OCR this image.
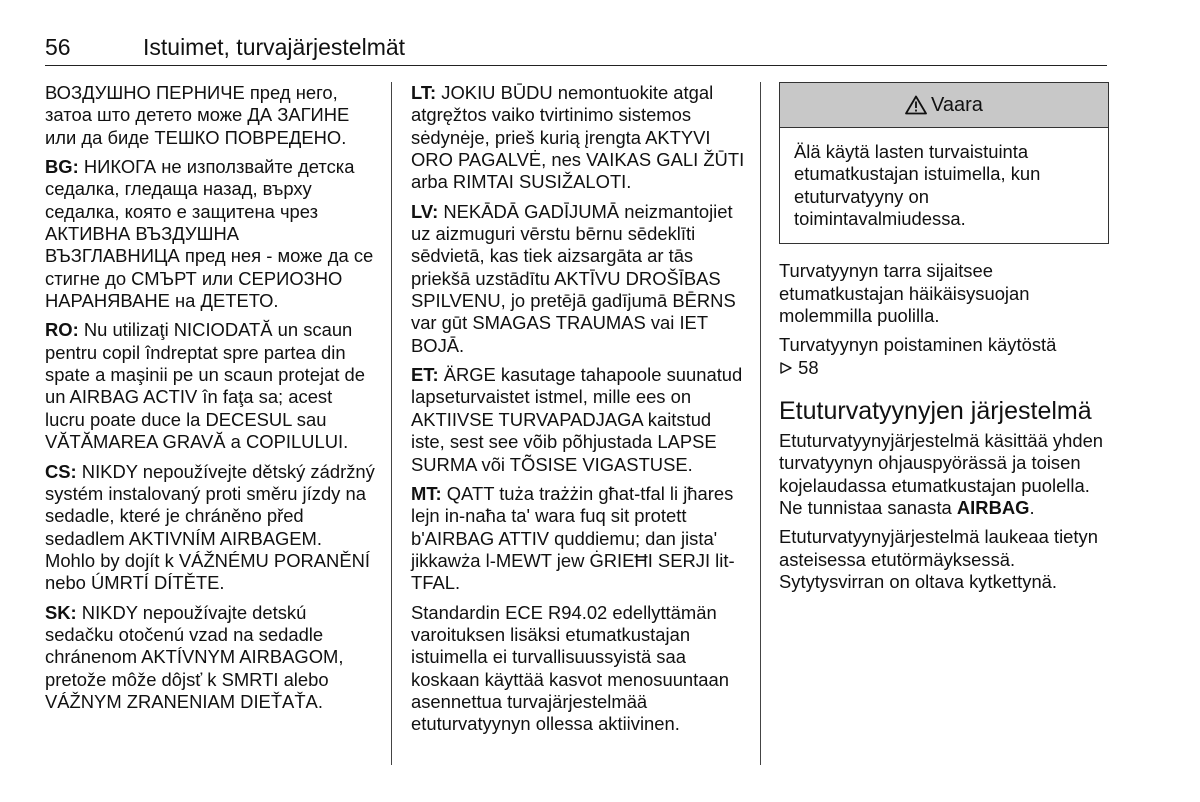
56	Istuimet, turvajärjestelmät

ВОЗДУШНО ПЕРНИЧЕ пред него, затоа што детето може ДА ЗАГИНЕ или да биде ТЕШКО ПОВРЕДЕНО.

BG: НИКОГА не използвайте детска седалка, гледаща назад, върху седалка, която е защитена чрез АКТИВНА ВЪЗДУШНА ВЪЗГЛАВНИЦА пред нея - може да се стигне до СМЪРТ или СЕРИОЗНО НАРАНЯВАНЕ на ДЕТЕТО.

RO: Nu utilizaţi NICIODATĂ un scaun pentru copil îndreptat spre partea din spate a maşinii pe un scaun protejat de un AIRBAG ACTIV în faţa sa; acest lucru poate duce la DECESUL sau VĂTĂMAREA GRAVĂ a COPILULUI.

CS: NIKDY nepoužívejte dětský zádržný systém instalovaný proti směru jízdy na sedadle, které je chráněno před sedadlem AKTIVNÍM AIRBAGEM. Mohlo by dojít k VÁŽNÉMU PORANĚNÍ nebo ÚMRTÍ DÍTĚTE.

SK: NIKDY nepoužívajte detskú sedačku otočenú vzad na sedadle chránenom AKTÍVNYM AIRBAGOM, pretože môže dôjsť k SMRTI alebo VÁŽNYM ZRANENIAM DIEŤAŤA.

LT: JOKIU BŪDU nemontuokite atgal atgręžtos vaiko tvirtinimo sistemos sėdynėje, prieš kurią įrengta AKTYVI ORO PAGALVĖ, nes VAIKAS GALI ŽŪTI arba RIMTAI SUSIŽALOTI.

LV: NEKĀDĀ GADĪJUMĀ neizmantojiet uz aizmuguri vērstu bērnu sēdeklīti sēdvietā, kas tiek aizsargāta ar tās priekšā uzstādītu AKTĪVU DROŠĪBAS SPILVENU, jo pretējā gadījumā BĒRNS var gūt SMAGAS TRAUMAS vai IET BOJĀ.

ET: ÄRGE kasutage tahapoole suunatud lapseturvaistet istmel, mille ees on AKTIIVSE TURVAPADJAGA kaitstud iste, sest see võib põhjustada LAPSE SURMA või TÕSISE VIGASTUSE.

MT: QATT tuża trażżin għat-tfal li jħares lejn in-naħa ta' wara fuq sit protett b'AIRBAG ATTIV quddiemu; dan jista' jikkawża l-MEWT jew ĠRIEĦI SERJI lit-TFAL.

Standardin ECE R94.02 edellyttämän varoituksen lisäksi etumatkustajan istuimella ei turvallisuussyistä saa koskaan käyttää kasvot menosuuntaan asennettua turvajärjestelmää etuturvatyynyn ollessa aktiivinen.

Vaara
Älä käytä lasten turvaistuinta etumatkustajan istuimella, kun etuturvatyyny on toimintavalmiudessa.

Turvatyynyn tarra sijaitsee etumatkustajan häikäisysuojan molemmilla puolilla.

Turvatyynyn poistaminen käytöstä
58

Etuturvatyynyjen järjestelmä

Etuturvatyynyjärjestelmä käsittää yhden turvatyynyn ohjauspyörässä ja toisen kojelaudassa etumatkustajan puolella. Ne tunnistaa sanasta AIRBAG.

Etuturvatyynyjärjestelmä laukeaa tietyn asteisessa etutörmäyksessä. Sytytysvirran on oltava kytkettynä.
